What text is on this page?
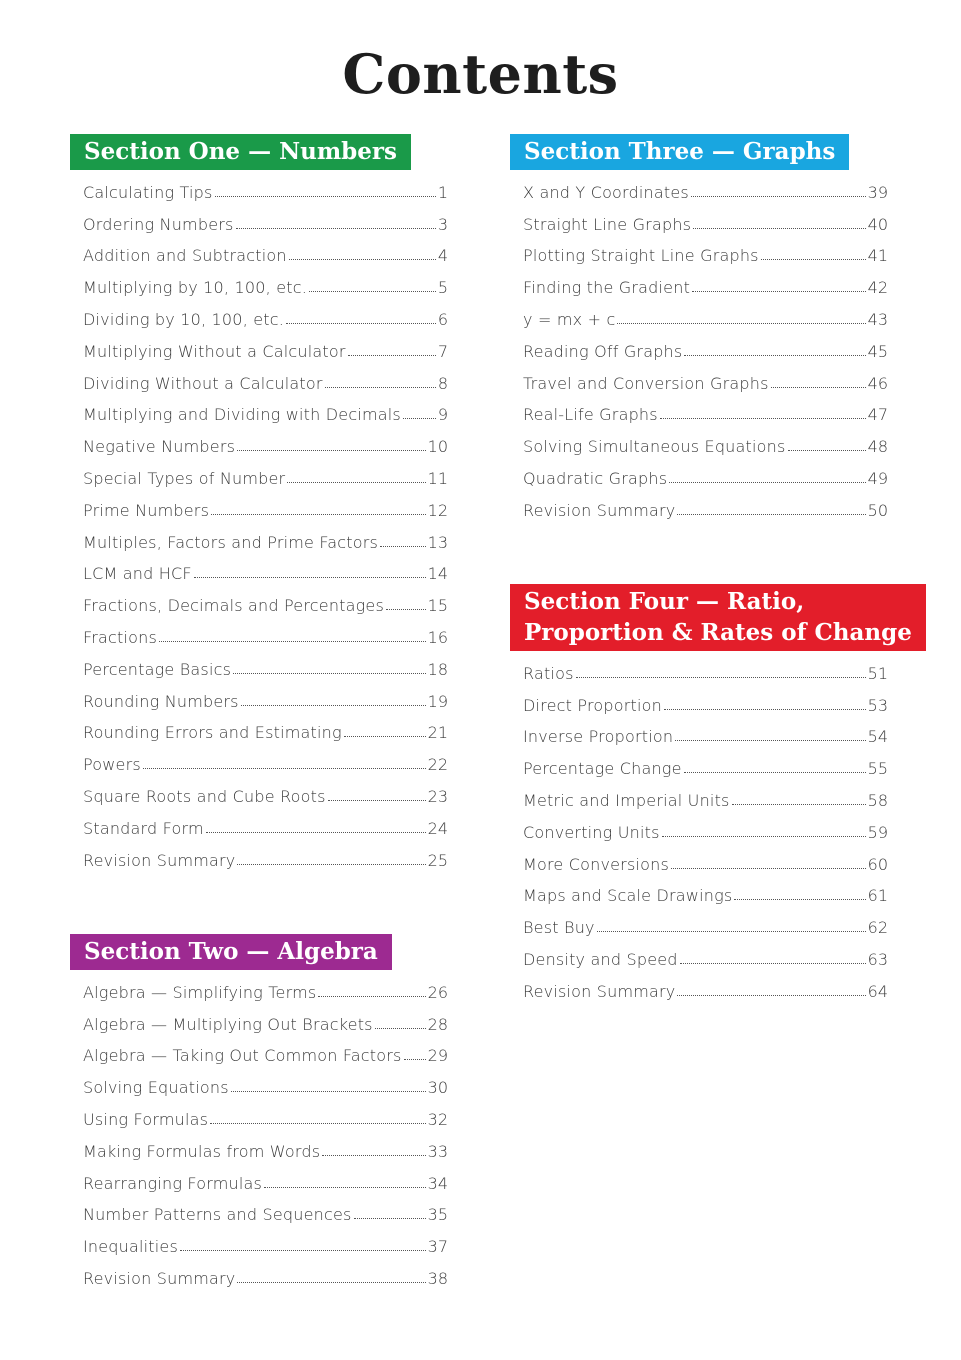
Contents
Section One — Numbers
Calculating Tips	1
Ordering Numbers	3
Addition and Subtraction	4
Multiplying by 10, 100, etc.	5
Dividing by 10, 100, etc.	6
Multiplying Without a Calculator	7
Dividing Without a Calculator	8
Multiplying and Dividing with Decimals 9
Negative Numbers	10
Special Types of Number	11
Prime Numbers	12
Multiples, Factors and Prime Factors	13
LCM and HCF	14
Fractions, Decimals and Percentages	15
Fractions	16
Percentage Basics	18
Rounding Numbers	19
Rounding Errors and Estimating	21
Powers	22
Square Roots and Cube Roots	23
Standard Form	24
Revision Summary	25
Section Two — Algebra
Algebra — Simplifying Terms	26
Algebra — Multiplying Out Brackets	28
Algebra — Taking Out Common Factors 29
Solving Equations	30
Using Formulas	32
Making Formulas from Words	33
Rearranging Formulas	34
Number Patterns and Sequences	35
Inequalities	37
Revision Summary	38
Section Three — Graphs
X and Y Coordinates	39
Straight Line Graphs	40
Plotting Straight Line Graphs	41
Finding the Gradient	42
y = mx + c	43
Reading Off Graphs	45
Travel and Conversion Graphs	46
Real-Life Graphs	47
Solving Simultaneous Equations	48
Quadratic Graphs	49
Revision Summary	50
Section Four — Ratio,
Proportion & Rates of Change
Ratios	51
Direct Proportion	53
Inverse Proportion	54
Percentage Change	55
Metric and Imperial Units	58
Converting Units	59
More Conversions	60
Maps and Scale Drawings	61
Best Buy	62
Density and Speed	63
Revision Summary	64
